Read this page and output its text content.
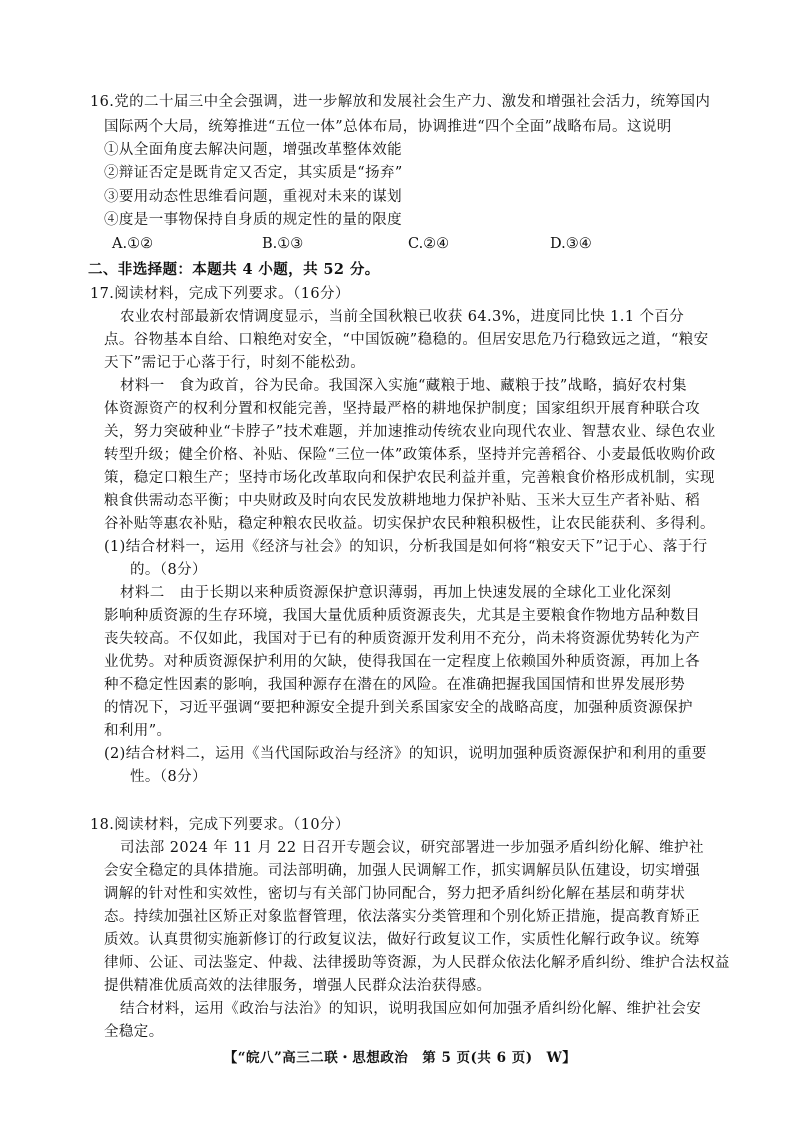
16.党的二十届三中全会强调，进一步解放和发展社会生产力、激发和增强社会活力，统筹国内

国际两个大局，统筹推进“五位一体”总体布局，协调推进“四个全面”战略布局。这说明

①从全面角度去解决问题，增强改革整体效能

②辩证否定是既肯定又否定，其实质是“扬弃”

③要用动态性思维看问题，重视对未来的谋划

④度是一事物保持自身质的规定性的量的限度

A.①②	B.①③	C.②④	D.③④

二、非选择题：本题共 4 小题，共 52 分。

17.阅读材料，完成下列要求。（16分）

农业农村部最新农情调度显示，当前全国秋粮已收获 64.3%，进度同比快 1.1 个百分

点。谷物基本自给、口粮绝对安全，“中国饭碗”稳稳的。但居安思危乃行稳致远之道，“粮安

天下”需记于心落于行，时刻不能松劲。

材料一　食为政首，谷为民命。我国深入实施“藏粮于地、藏粮于技”战略，搞好农村集

体资源资产的权利分置和权能完善，坚持最严格的耕地保护制度；国家组织开展育种联合攻

关，努力突破种业“卡脖子”技术难题，并加速推动传统农业向现代农业、智慧农业、绿色农业

转型升级；健全价格、补贴、保险“三位一体”政策体系，坚持并完善稻谷、小麦最低收购价政

策，稳定口粮生产；坚持市场化改革取向和保护农民利益并重，完善粮食价格形成机制，实现

粮食供需动态平衡；中央财政及时向农民发放耕地地力保护补贴、玉米大豆生产者补贴、稻

谷补贴等惠农补贴，稳定种粮农民收益。切实保护农民种粮积极性，让农民能获利、多得利。

(1)结合材料一，运用《经济与社会》的知识，分析我国是如何将“粮安天下”记于心、落于行

的。（8分）

材料二　由于长期以来种质资源保护意识薄弱，再加上快速发展的全球化工业化深刻

影响种质资源的生存环境，我国大量优质种质资源丧失，尤其是主要粮食作物地方品种数目

丧失较高。不仅如此，我国对于已有的种质资源开发利用不充分，尚未将资源优势转化为产

业优势。对种质资源保护利用的欠缺，使得我国在一定程度上依赖国外种质资源，再加上各

种不稳定性因素的影响，我国种源存在潜在的风险。在准确把握我国国情和世界发展形势

的情况下，习近平强调“要把种源安全提升到关系国家安全的战略高度，加强种质资源保护

和利用”。

(2)结合材料二，运用《当代国际政治与经济》的知识，说明加强种质资源保护和利用的重要

性。（8分）

18.阅读材料，完成下列要求。（10分）

司法部 2024 年 11 月 22 日召开专题会议，研究部署进一步加强矛盾纠纷化解、维护社

会安全稳定的具体措施。司法部明确，加强人民调解工作，抓实调解员队伍建设，切实增强

调解的针对性和实效性，密切与有关部门协同配合，努力把矛盾纠纷化解在基层和萌芽状

态。持续加强社区矫正对象监督管理，依法落实分类管理和个别化矫正措施，提高教育矫正

质效。认真贯彻实施新修订的行政复议法，做好行政复议工作，实质性化解行政争议。统筹

律师、公证、司法鉴定、仲裁、法律援助等资源，为人民群众依法化解矛盾纠纷、维护合法权益

提供精准优质高效的法律服务，增强人民群众法治获得感。

结合材料，运用《政治与法治》的知识，说明我国应如何加强矛盾纠纷化解、维护社会安

全稳定。

【“皖八”高三二联・思想政治　第 5 页(共 6 页)　W】
